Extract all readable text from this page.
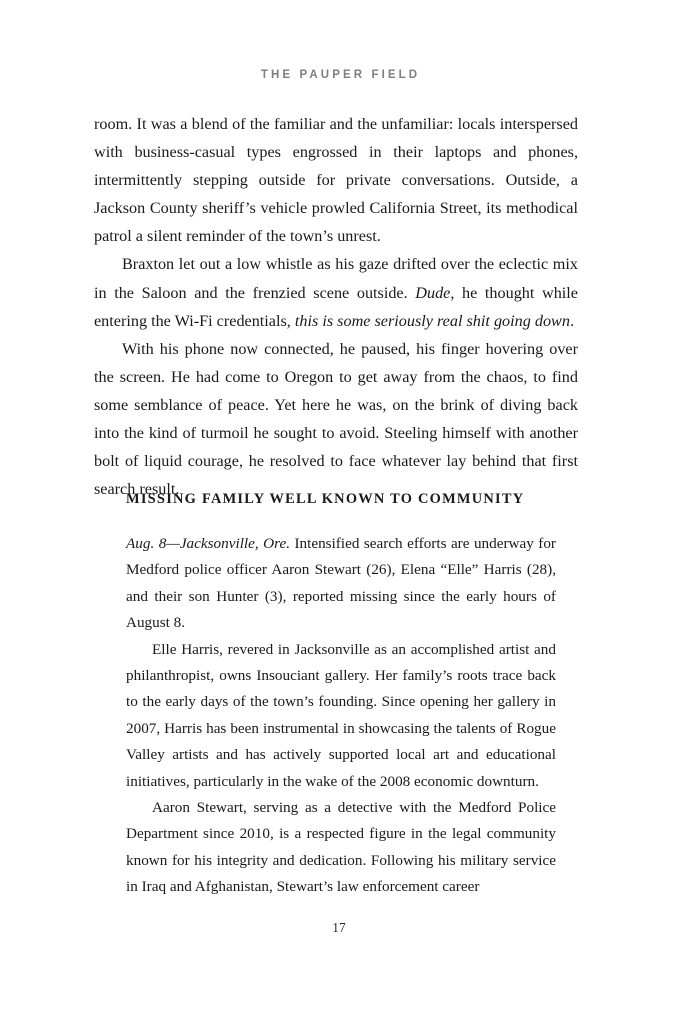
THE PAUPER FIELD

room. It was a blend of the familiar and the unfamiliar: locals interspersed with business-casual types engrossed in their laptops and phones, intermittently stepping outside for private conversations. Outside, a Jackson County sheriff’s vehicle prowled California Street, its methodical patrol a silent reminder of the town’s unrest.

Braxton let out a low whistle as his gaze drifted over the eclectic mix in the Saloon and the frenzied scene outside. Dude, he thought while entering the Wi-Fi credentials, this is some seriously real shit going down.

With his phone now connected, he paused, his finger hovering over the screen. He had come to Oregon to get away from the chaos, to find some semblance of peace. Yet here he was, on the brink of diving back into the kind of turmoil he sought to avoid. Steeling himself with another bolt of liquid courage, he resolved to face whatever lay behind that first search result.

MISSING FAMILY WELL KNOWN TO COMMUNITY

Aug. 8—Jacksonville, Ore. Intensified search efforts are underway for Medford police officer Aaron Stewart (26), Elena “Elle” Harris (28), and their son Hunter (3), reported missing since the early hours of August 8.

Elle Harris, revered in Jacksonville as an accomplished artist and philanthropist, owns Insouciant gallery. Her family’s roots trace back to the early days of the town’s founding. Since opening her gallery in 2007, Harris has been instrumental in showcasing the talents of Rogue Valley artists and has actively supported local art and educational initiatives, particularly in the wake of the 2008 economic downturn.

Aaron Stewart, serving as a detective with the Medford Police Department since 2010, is a respected figure in the legal community known for his integrity and dedication. Following his military service in Iraq and Afghanistan, Stewart’s law enforcement career

17
